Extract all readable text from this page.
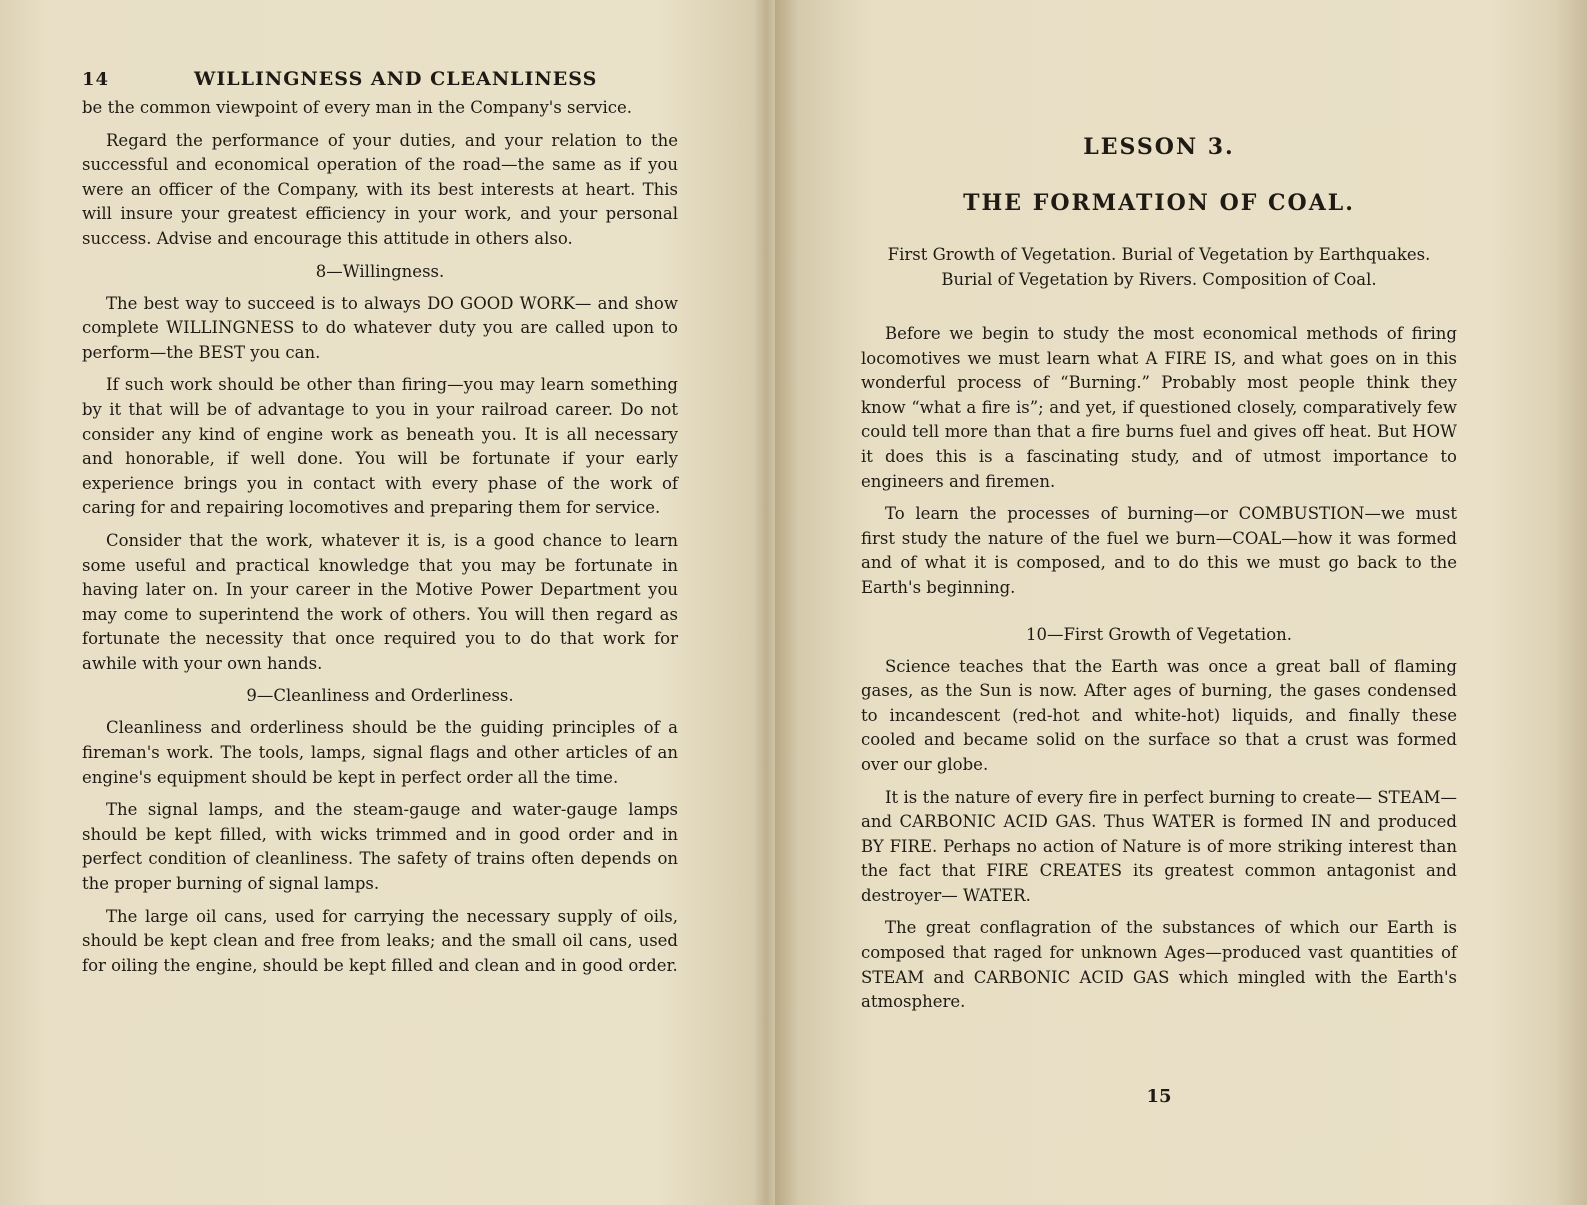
14	WILLINGNESS AND CLEANLINESS

be the common viewpoint of every man in the Company's service.

Regard the performance of your duties, and your relation to the successful and economical operation of the road—the same as if you were an officer of the Company, with its best interests at heart. This will insure your greatest efficiency in your work, and your personal success. Advise and encourage this attitude in others also.

8—Willingness.

The best way to succeed is to always DO GOOD WORK— and show complete WILLINGNESS to do whatever duty you are called upon to perform—the BEST you can.

If such work should be other than firing—you may learn something by it that will be of advantage to you in your railroad career. Do not consider any kind of engine work as beneath you. It is all necessary and honorable, if well done. You will be fortunate if your early experience brings you in contact with every phase of the work of caring for and repairing locomotives and preparing them for service.

Consider that the work, whatever it is, is a good chance to learn some useful and practical knowledge that you may be fortunate in having later on. In your career in the Motive Power Department you may come to superintend the work of others. You will then regard as fortunate the necessity that once required you to do that work for awhile with your own hands.

9—Cleanliness and Orderliness.

Cleanliness and orderliness should be the guiding principles of a fireman's work. The tools, lamps, signal flags and other articles of an engine's equipment should be kept in perfect order all the time.

The signal lamps, and the steam-gauge and water-gauge lamps should be kept filled, with wicks trimmed and in good order and in perfect condition of cleanliness. The safety of trains often depends on the proper burning of signal lamps.

The large oil cans, used for carrying the necessary supply of oils, should be kept clean and free from leaks; and the small oil cans, used for oiling the engine, should be kept filled and clean and in good order.

LESSON 3.
THE FORMATION OF COAL.
First Growth of Vegetation. Burial of Vegetation by Earthquakes. Burial of Vegetation by Rivers. Composition of Coal.

Before we begin to study the most economical methods of firing locomotives we must learn what A FIRE IS, and what goes on in this wonderful process of “Burning.” Probably most people think they know “what a fire is”; and yet, if questioned closely, comparatively few could tell more than that a fire burns fuel and gives off heat. But HOW it does this is a fascinating study, and of utmost importance to engineers and firemen.

To learn the processes of burning—or COMBUSTION—we must first study the nature of the fuel we burn—COAL—how it was formed and of what it is composed, and to do this we must go back to the Earth's beginning.

10—First Growth of Vegetation.

Science teaches that the Earth was once a great ball of flaming gases, as the Sun is now. After ages of burning, the gases condensed to incandescent (red-hot and white-hot) liquids, and finally these cooled and became solid on the surface so that a crust was formed over our globe.

It is the nature of every fire in perfect burning to create— STEAM—and CARBONIC ACID GAS. Thus WATER is formed IN and produced BY FIRE. Perhaps no action of Nature is of more striking interest than the fact that FIRE CREATES its greatest common antagonist and destroyer— WATER.

The great conflagration of the substances of which our Earth is composed that raged for unknown Ages—produced vast quantities of STEAM and CARBONIC ACID GAS which mingled with the Earth's atmosphere.

15
